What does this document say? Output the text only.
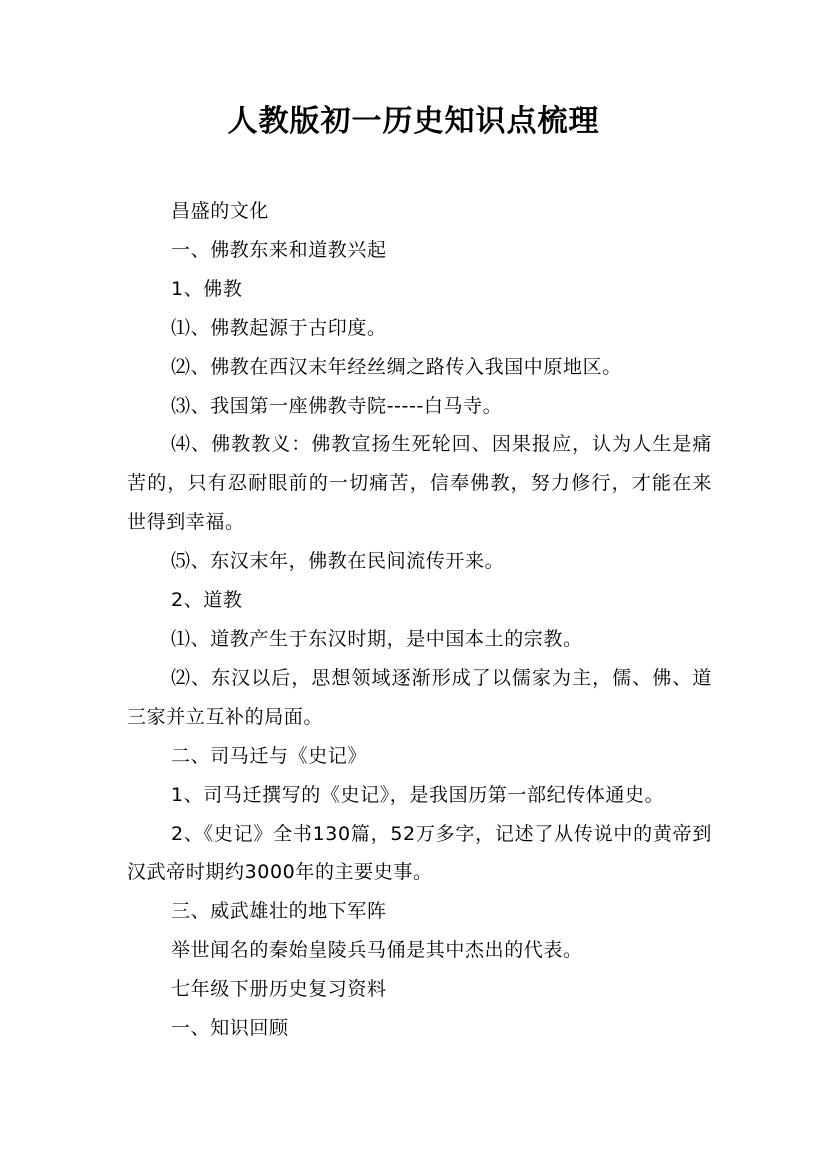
人教版初一历史知识点梳理

昌盛的文化

一、佛教东来和道教兴起

1、佛教

⑴、佛教起源于古印度。

⑵、佛教在西汉末年经丝绸之路传入我国中原地区。

⑶、我国第一座佛教寺院-----白马寺。

⑷、佛教教义：佛教宣扬生死轮回、因果报应，认为人生是痛苦的，只有忍耐眼前的一切痛苦，信奉佛教，努力修行，才能在来世得到幸福。

⑸、东汉末年，佛教在民间流传开来。

2、道教

⑴、道教产生于东汉时期，是中国本土的宗教。

⑵、东汉以后，思想领域逐渐形成了以儒家为主，儒、佛、道三家并立互补的局面。

二、司马迁与《史记》

1、司马迁撰写的《史记》，是我国历第一部纪传体通史。

2、《史记》全书130篇，52万多字，记述了从传说中的黄帝到汉武帝时期约3000年的主要史事。

三、威武雄壮的地下军阵

举世闻名的秦始皇陵兵马俑是其中杰出的代表。

七年级下册历史复习资料

一、知识回顾
